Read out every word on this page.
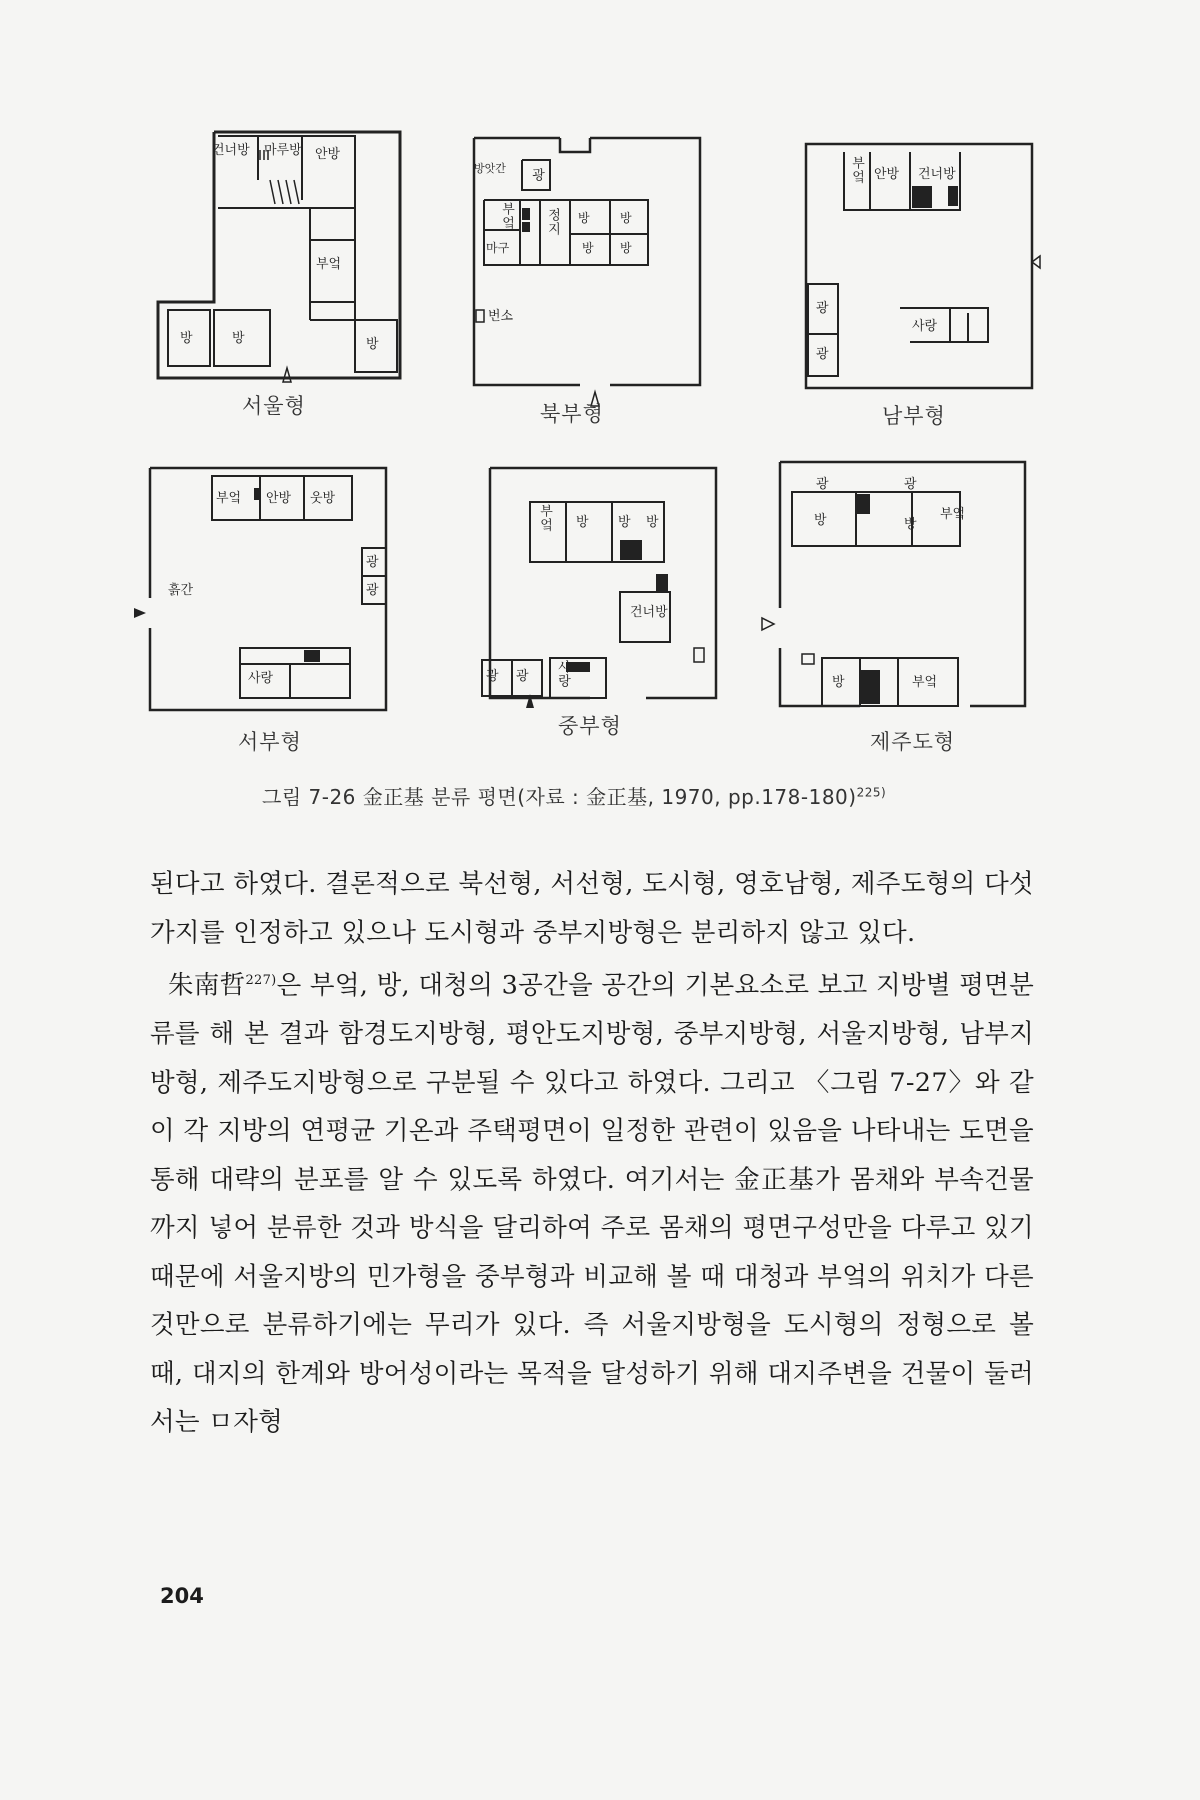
건너방 마루방 안방
부엌
방	방	방
서울형
방앗간 광
부엌 정지
마구
방	방
방 방
번소
북부형
부엌 안방 건너방
광
광
사랑
남부형
부엌 안방 웃방
흙간
광
광
사랑
서부형
부엌 방 방 방
건너방
광 광 사랑
중부형
광	광
방	방
부엌
방	부엌
제주도형
그림 7-26 金正基 분류 평면(자료 : 金正基, 1970, pp.178-180)$^{225)}$

된다고 하였다. 결론적으로 북선형, 서선형, 도시형, 영호남형, 제주도형의 다섯 가지를 인정하고 있으나 도시형과 중부지방형은 분리하지 않고 있다.

朱南哲$^{227)}$은 부엌, 방, 대청의 3공간을 공간의 기본요소로 보고 지방별 평면분류를 해 본 결과 함경도지방형, 평안도지방형, 중부지방형, 서울지방형, 남부지방형, 제주도지방형으로 구분될 수 있다고 하였다. 그리고 〈그림 7-27〉와 같이 각 지방의 연평균 기온과 주택평면이 일정한 관련이 있음을 나타내는 도면을 통해 대략의 분포를 알 수 있도록 하였다. 여기서는 金正基가 몸채와 부속건물까지 넣어 분류한 것과 방식을 달리하여 주로 몸채의 평면구성만을 다루고 있기 때문에 서울지방의 민가형을 중부형과 비교해 볼 때 대청과 부엌의 위치가 다른 것만으로 분류하기에는 무리가 있다. 즉 서울지방형을 도시형의 정형으로 볼 때, 대지의 한계와 방어성이라는 목적을 달성하기 위해 대지주변을 건물이 둘러서는 ㅁ자형

204
